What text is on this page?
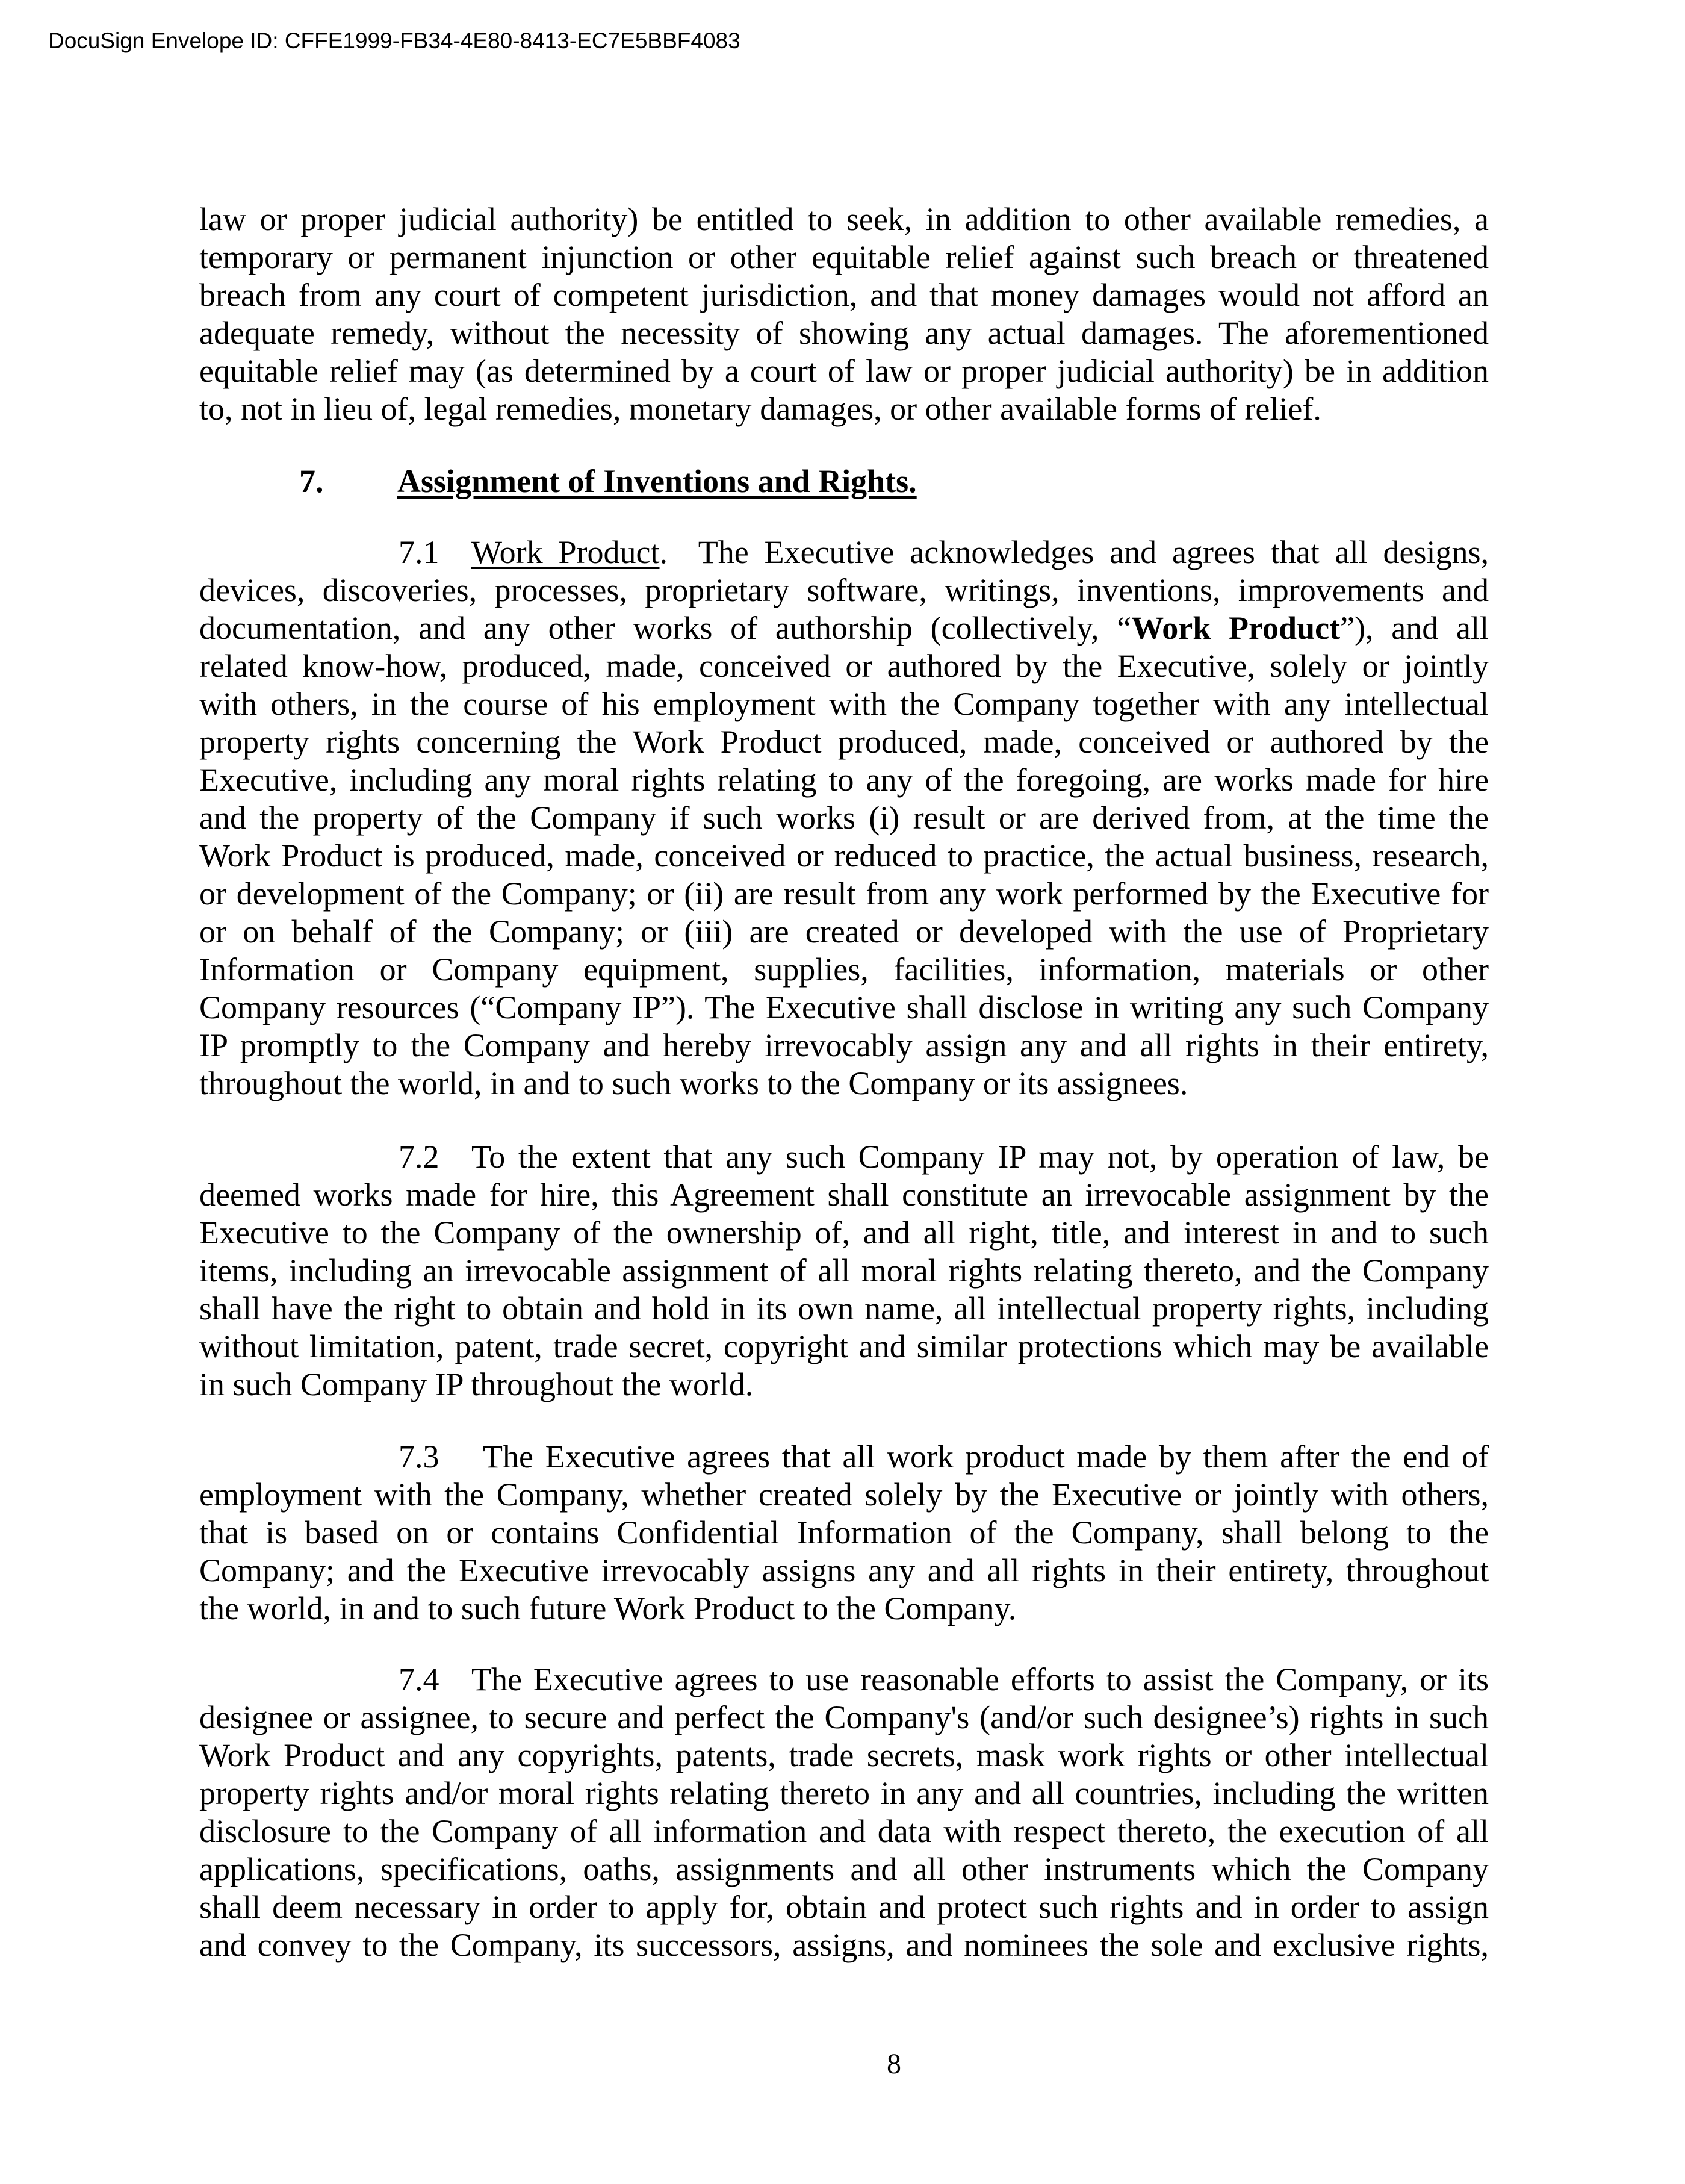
DocuSign Envelope ID: CFFE1999-FB34-4E80-8413-EC7E5BBF4083
law or proper judicial authority) be entitled to seek, in addition to other available remedies, a
temporary or permanent injunction or other equitable relief against such breach or threatened
breach from any court of competent jurisdiction, and that money damages would not afford an
adequate remedy, without the necessity of showing any actual damages. The aforementioned
equitable relief may (as determined by a court of law or proper judicial authority) be in addition
to, not in lieu of, legal remedies, monetary damages, or other available forms of relief.
7. Assignment of Inventions and Rights.
7.1 Work Product.  The Executive acknowledges and agrees that all designs,
devices, discoveries, processes, proprietary software, writings, inventions, improvements and
documentation, and any other works of authorship (collectively, “Work Product”), and all
related know-how, produced, made, conceived or authored by the Executive, solely or jointly
with others, in the course of his employment with the Company together with any intellectual
property rights concerning the Work Product produced, made, conceived or authored by the
Executive, including any moral rights relating to any of the foregoing, are works made for hire
and the property of the Company if such works (i) result or are derived from, at the time the
Work Product is produced, made, conceived or reduced to practice, the actual business, research,
or development of the Company; or (ii) are result from any work performed by the Executive for
or on behalf of the Company; or (iii) are created or developed with the use of Proprietary
Information or Company equipment, supplies, facilities, information, materials or other
Company resources (“Company IP”). The Executive shall disclose in writing any such Company
IP promptly to the Company and hereby irrevocably assign any and all rights in their entirety,
throughout the world, in and to such works to the Company or its assignees.
7.2 To the extent that any such Company IP may not, by operation of law, be
deemed works made for hire, this Agreement shall constitute an irrevocable assignment by the
Executive to the Company of the ownership of, and all right, title, and interest in and to such
items, including an irrevocable assignment of all moral rights relating thereto, and the Company
shall have the right to obtain and hold in its own name, all intellectual property rights, including
without limitation, patent, trade secret, copyright and similar protections which may be available
in such Company IP throughout the world.
7.3 The Executive agrees that all work product made by them after the end of
employment with the Company, whether created solely by the Executive or jointly with others,
that is based on or contains Confidential Information of the Company, shall belong to the
Company; and the Executive irrevocably assigns any and all rights in their entirety, throughout
the world, in and to such future Work Product to the Company.
7.4 The Executive agrees to use reasonable efforts to assist the Company, or its
designee or assignee, to secure and perfect the Company's (and/or such designee’s) rights in such
Work Product and any copyrights, patents, trade secrets, mask work rights or other intellectual
property rights and/or moral rights relating thereto in any and all countries, including the written
disclosure to the Company of all information and data with respect thereto, the execution of all
applications, specifications, oaths, assignments and all other instruments which the Company
shall deem necessary in order to apply for, obtain and protect such rights and in order to assign
and convey to the Company, its successors, assigns, and nominees the sole and exclusive rights,
8
